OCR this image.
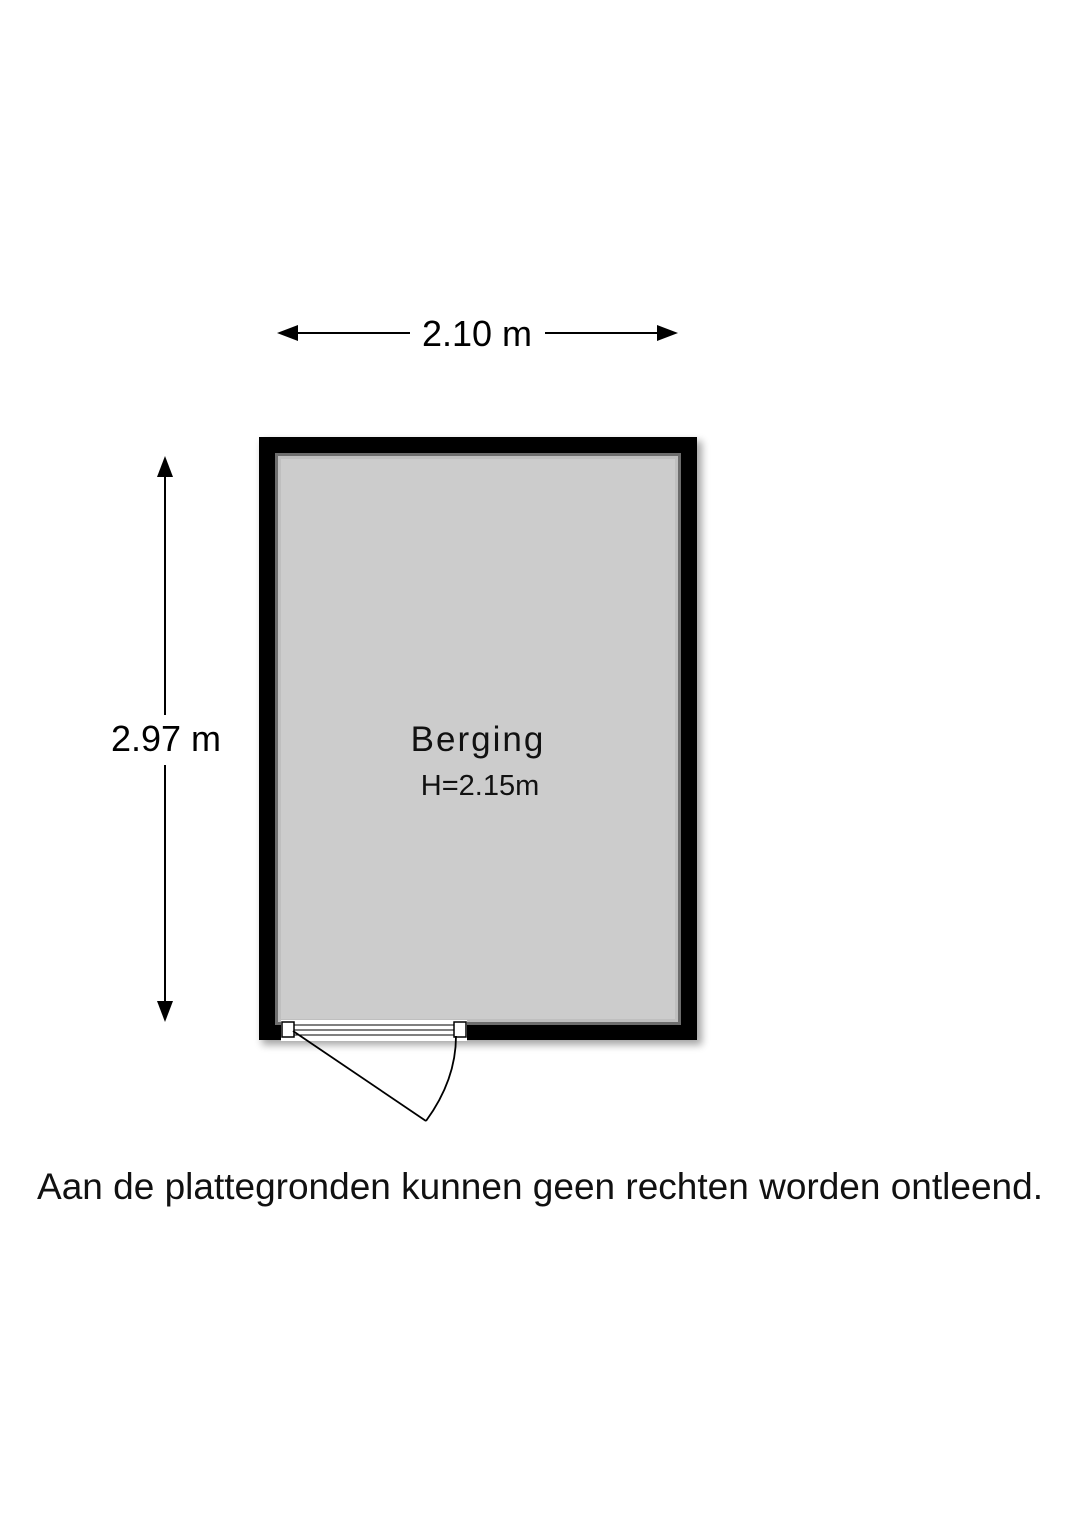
2.10 m
2.97 m	Berging
H=2.15m
Aan de plattegronden kunnen geen rechten worden ontleend.
